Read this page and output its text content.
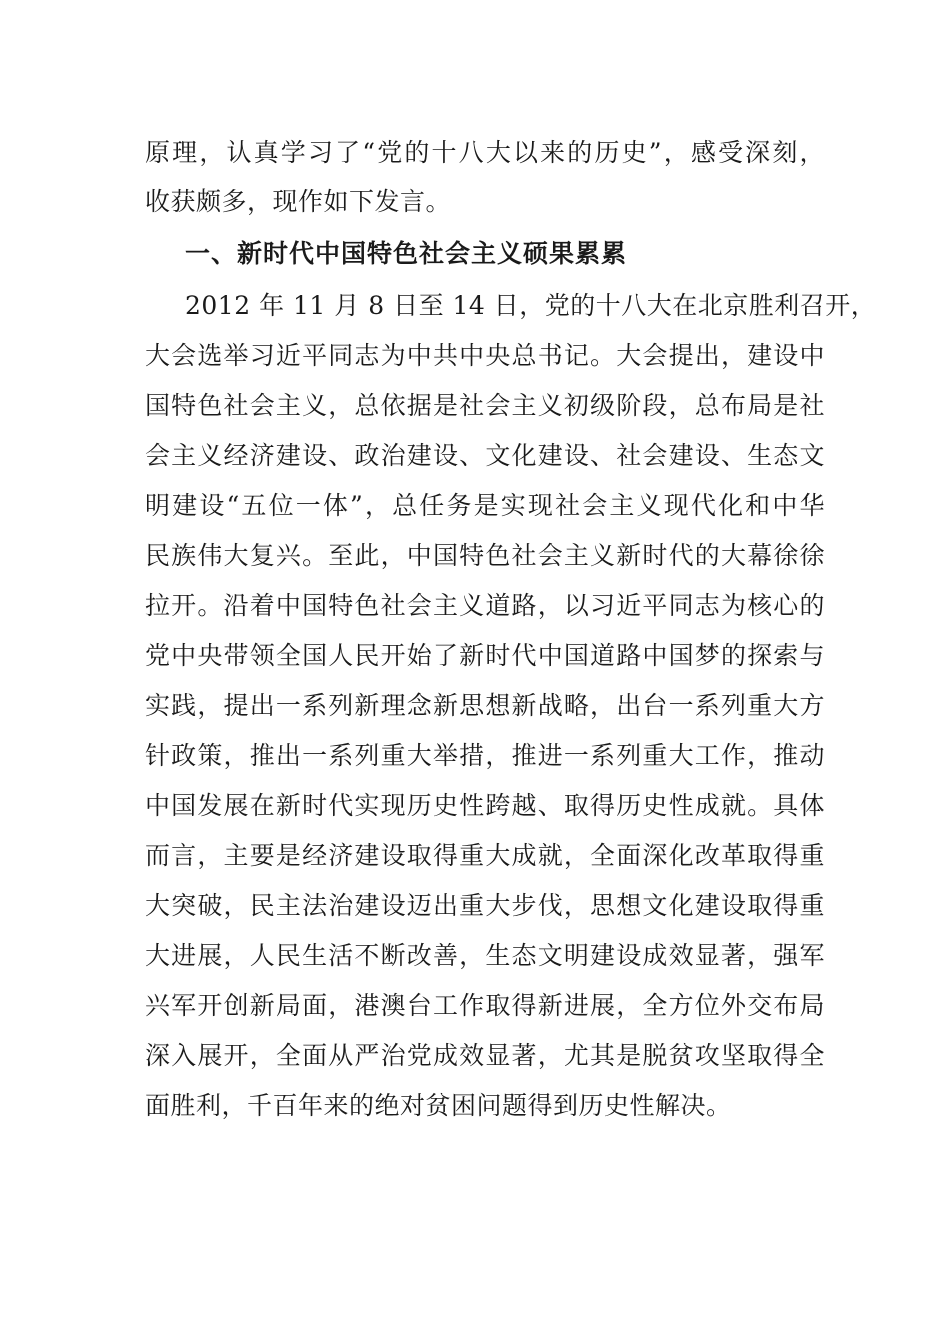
原理，认真学习了“党的十八大以来的历史”，感受深刻，
收获颇多，现作如下发言。
一、新时代中国特色社会主义硕果累累
2012 年 11 月 8 日至 14 日，党的十八大在北京胜利召开，
大会选举习近平同志为中共中央总书记。大会提出，建设中
国特色社会主义，总依据是社会主义初级阶段，总布局是社
会主义经济建设、政治建设、文化建设、社会建设、生态文
明建设“五位一体”，总任务是实现社会主义现代化和中华
民族伟大复兴。至此，中国特色社会主义新时代的大幕徐徐
拉开。沿着中国特色社会主义道路，以习近平同志为核心的
党中央带领全国人民开始了新时代中国道路中国梦的探索与
实践，提出一系列新理念新思想新战略，出台一系列重大方
针政策，推出一系列重大举措，推进一系列重大工作，推动
中国发展在新时代实现历史性跨越、取得历史性成就。具体
而言，主要是经济建设取得重大成就，全面深化改革取得重
大突破，民主法治建设迈出重大步伐，思想文化建设取得重
大进展，人民生活不断改善，生态文明建设成效显著，强军
兴军开创新局面，港澳台工作取得新进展，全方位外交布局
深入展开，全面从严治党成效显著，尤其是脱贫攻坚取得全
面胜利，千百年来的绝对贫困问题得到历史性解决。
